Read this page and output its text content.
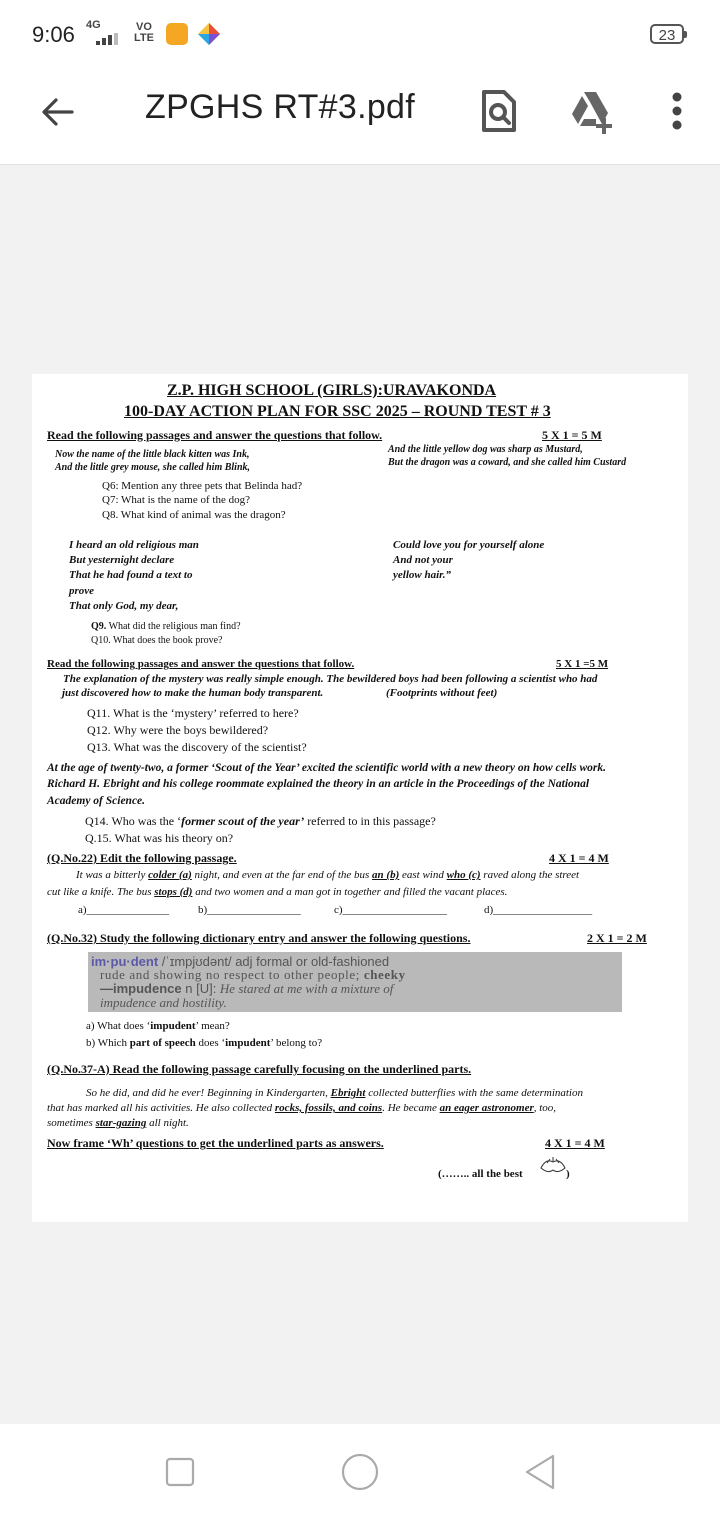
9:06 4G	VO
LTE	23
ZPGHS RT#3.pdf
Z.P. HIGH SCHOOL (GIRLS):URAVAKONDA
100-DAY ACTION PLAN FOR SSC 2025 – ROUND TEST # 3
Read the following passages and answer the questions that follow.	5 X 1 = 5 M
Now the name of the little black kitten was Ink,
And the little grey mouse, she called him Blink,
And the little yellow dog was sharp as Mustard,
But the dragon was a coward, and she called him Custard
Q6: Mention any three pets that Belinda had?
Q7: What is the name of the dog?
Q8. What kind of animal was the dragon?
I heard an old religious man
But yesternight declare
That he had found a text to
prove
That only God, my dear,
Could love you for yourself alone
And not your
yellow hair.”
Q9. What did the religious man find?
Q10. What does the book prove?
Read the following passages and answer the questions that follow.	5 X 1 =5 M
The explanation of the mystery was really simple enough. The bewildered boys had been following a scientist who had
just discovered how to make the human body transparent.	(Footprints without feet)
Q11. What is the ‘mystery’ referred to here?
Q12. Why were the boys bewildered?
Q13. What was the discovery of the scientist?
At the age of twenty-two, a former ‘Scout of the Year’ excited the scientific world with a new theory on how cells work.
Richard H. Ebright and his college roommate explained the theory in an article in the Proceedings of the National
Academy of Science.
Q14. Who was the ‘former scout of the year’ referred to in this passage?
Q.15. What was his theory on?
(Q.No.22) Edit the following passage.	4 X 1 = 4 M
It was a bitterly colder (a) night, and even at the far end of the bus an (b) east wind who (c) raved along the street
cut like a knife. The bus stops (d) and two women and a man got in together and filled the vacant places.
a)_______________	b)_________________	c)___________________	d)__________________
(Q.No.32) Study the following dictionary entry and answer the following questions.	2 X 1 = 2 M
im·pu·dent /ˈɪmpjʊdənt/ adj formal or old-fashioned
rude and showing no respect to other people; cheeky
—impudence n [U]: He stared at me with a mixture of
impudence and hostility.
a) What does ‘impudent’ mean?
b) Which part of speech does ‘impudent’ belong to?
(Q.No.37-A) Read the following passage carefully focusing on the underlined parts.
So he did, and did he ever! Beginning in Kindergarten, Ebright collected butterflies with the same determination
that has marked all his activities. He also collected rocks, fossils, and coins. He became an eager astronomer, too,
sometimes star-gazing all night.
Now frame ‘Wh’ questions to get the underlined parts as answers.	4 X 1 = 4 M
(…….. all the best	)
